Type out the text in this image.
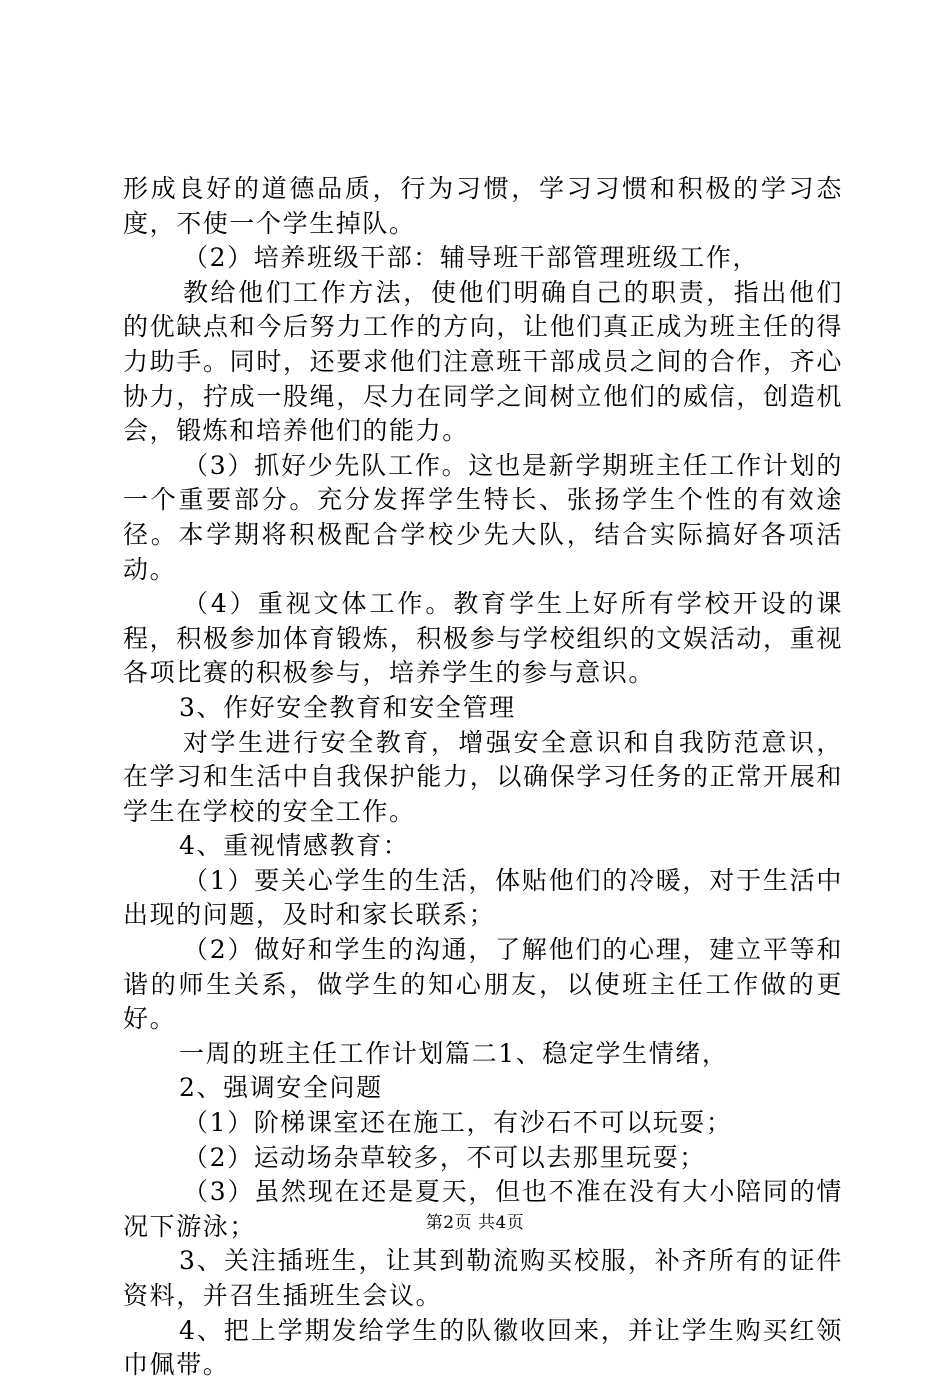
形成良好的道德品质，行为习惯，学习习惯和积极的学习态度，不使一个学生掉队。

（2）培养班级干部：辅导班干部管理班级工作，

教给他们工作方法，使他们明确自己的职责，指出他们的优缺点和今后努力工作的方向，让他们真正成为班主任的得力助手。同时，还要求他们注意班干部成员之间的合作，齐心协力，拧成一股绳，尽力在同学之间树立他们的威信，创造机会，锻炼和培养他们的能力。

（3）抓好少先队工作。这也是新学期班主任工作计划的一个重要部分。充分发挥学生特长、张扬学生个性的有效途径。本学期将积极配合学校少先大队，结合实际搞好各项活动。

（4）重视文体工作。教育学生上好所有学校开设的课程，积极参加体育锻炼，积极参与学校组织的文娱活动，重视各项比赛的积极参与，培养学生的参与意识。

3、作好安全教育和安全管理

对学生进行安全教育，增强安全意识和自我防范意识，在学习和生活中自我保护能力，以确保学习任务的正常开展和学生在学校的安全工作。

4、重视情感教育：

（1）要关心学生的生活，体贴他们的冷暖，对于生活中出现的问题，及时和家长联系；

（2）做好和学生的沟通，了解他们的心理，建立平等和谐的师生关系，做学生的知心朋友，以使班主任工作做的更好。

一周的班主任工作计划篇二1、稳定学生情绪，

2、强调安全问题

（1）阶梯课室还在施工，有沙石不可以玩耍；

（2）运动场杂草较多，不可以去那里玩耍；

（3）虽然现在还是夏天，但也不准在没有大小陪同的情况下游泳；

3、关注插班生，让其到勒流购买校服，补齐所有的证件资料，并召生插班生会议。

4、把上学期发给学生的队徽收回来，并让学生购买红领巾佩带。

第2页 共4页
